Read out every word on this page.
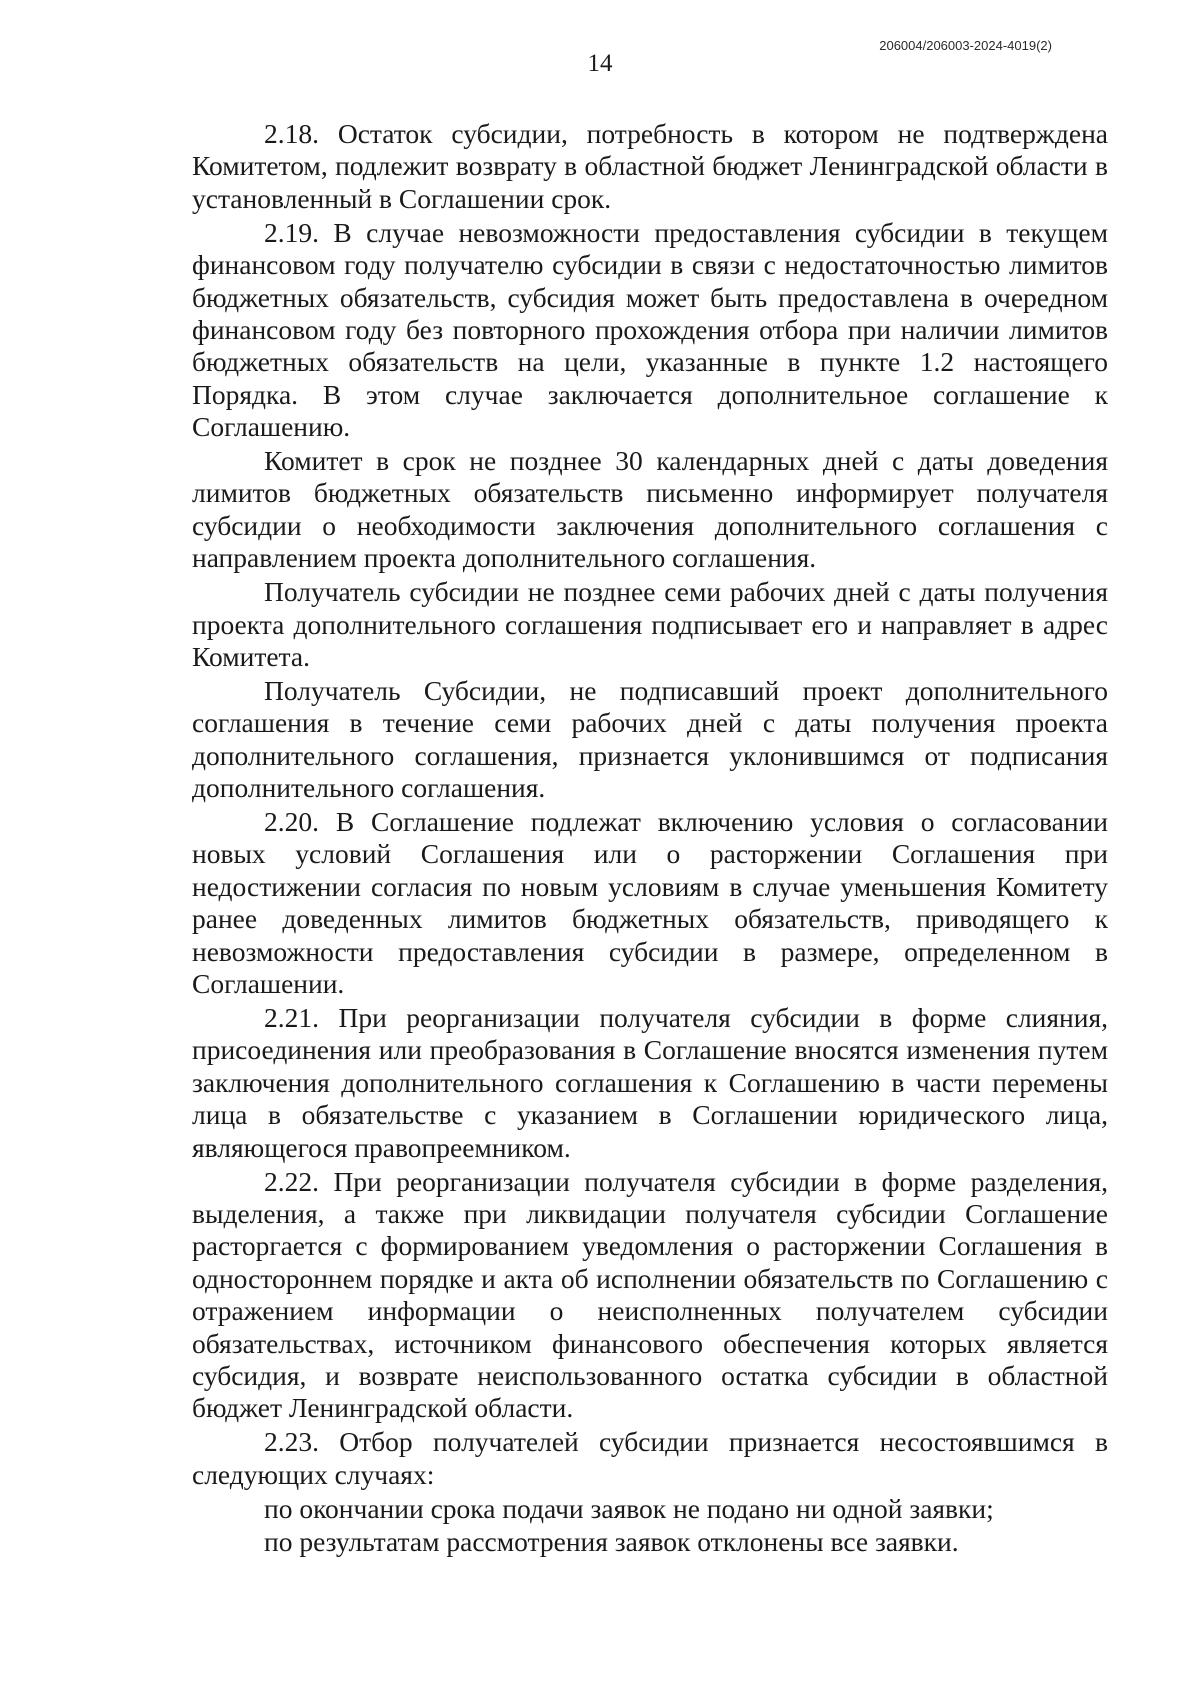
14
206004/206003-2024-4019(2)

2.18. Остаток субсидии, потребность в котором не подтверждена Комитетом, подлежит возврату в областной бюджет Ленинградской области в установленный в Соглашении срок.

2.19. В случае невозможности предоставления субсидии в текущем финансовом году получателю субсидии в связи с недостаточностью лимитов бюджетных обязательств, субсидия может быть предоставлена в очередном финансовом году без повторного прохождения отбора при наличии лимитов бюджетных обязательств на цели, указанные в пункте 1.2 настоящего Порядка. В этом случае заключается дополнительное соглашение к Соглашению.

Комитет в срок не позднее 30 календарных дней с даты доведения лимитов бюджетных обязательств письменно информирует получателя субсидии о необходимости заключения дополнительного соглашения с направлением проекта дополнительного соглашения.

Получатель субсидии не позднее семи рабочих дней с даты получения проекта дополнительного соглашения подписывает его и направляет в адрес Комитета.

Получатель Субсидии, не подписавший проект дополнительного соглашения в течение семи рабочих дней с даты получения проекта дополнительного соглашения, признается уклонившимся от подписания дополнительного соглашения.

2.20. В Соглашение подлежат включению условия о согласовании новых условий Соглашения или о расторжении Соглашения при недостижении согласия по новым условиям в случае уменьшения Комитету ранее доведенных лимитов бюджетных обязательств, приводящего к невозможности предоставления субсидии в размере, определенном в Соглашении.

2.21. При реорганизации получателя субсидии в форме слияния, присоединения или преобразования в Соглашение вносятся изменения путем заключения дополнительного соглашения к Соглашению в части перемены лица в обязательстве с указанием в Соглашении юридического лица, являющегося правопреемником.

2.22. При реорганизации получателя субсидии в форме разделения, выделения, а также при ликвидации получателя субсидии Соглашение расторгается с формированием уведомления о расторжении Соглашения в одностороннем порядке и акта об исполнении обязательств по Соглашению с отражением информации о неисполненных получателем субсидии обязательствах, источником финансового обеспечения которых является субсидия, и возврате неиспользованного остатка субсидии в областной бюджет Ленинградской области.

2.23. Отбор получателей субсидии признается несостоявшимся в следующих случаях:

по окончании срока подачи заявок не подано ни одной заявки;

по результатам рассмотрения заявок отклонены все заявки.
